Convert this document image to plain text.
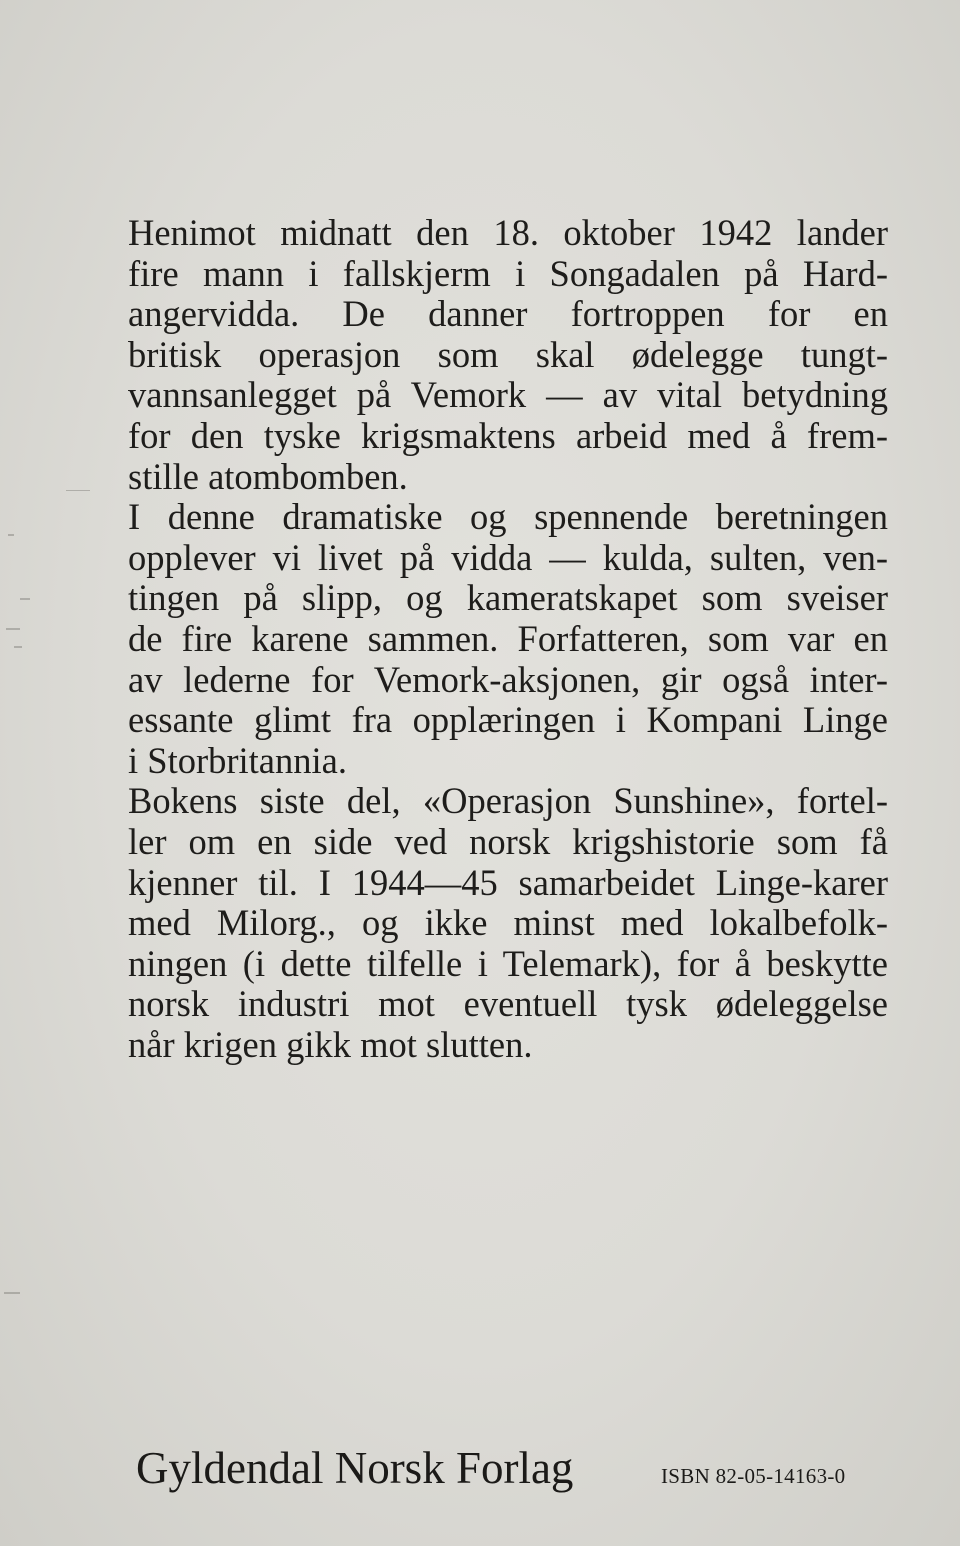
Henimot midnatt den 18. oktober 1942 lander
fire mann i fallskjerm i Songadalen på Hard-
angervidda. De danner fortroppen for en
britisk operasjon som skal ødelegge tungt-
vannsanlegget på Vemork — av vital betydning
for den tyske krigsmaktens arbeid med å frem-
stille atombomben.
I denne dramatiske og spennende beretningen
opplever vi livet på vidda — kulda, sulten, ven-
tingen på slipp, og kameratskapet som sveiser
de fire karene sammen. Forfatteren, som var en
av lederne for Vemork-aksjonen, gir også inter-
essante glimt fra opplæringen i Kompani Linge
i Storbritannia.
Bokens siste del, «Operasjon Sunshine», fortel-
ler om en side ved norsk krigshistorie som få
kjenner til. I 1944—45 samarbeidet Linge-karer
med Milorg., og ikke minst med lokalbefolk-
ningen (i dette tilfelle i Telemark), for å beskytte
norsk industri mot eventuell tysk ødeleggelse
når krigen gikk mot slutten.
Gyldendal Norsk Forlag	ISBN 82-05-14163-0
